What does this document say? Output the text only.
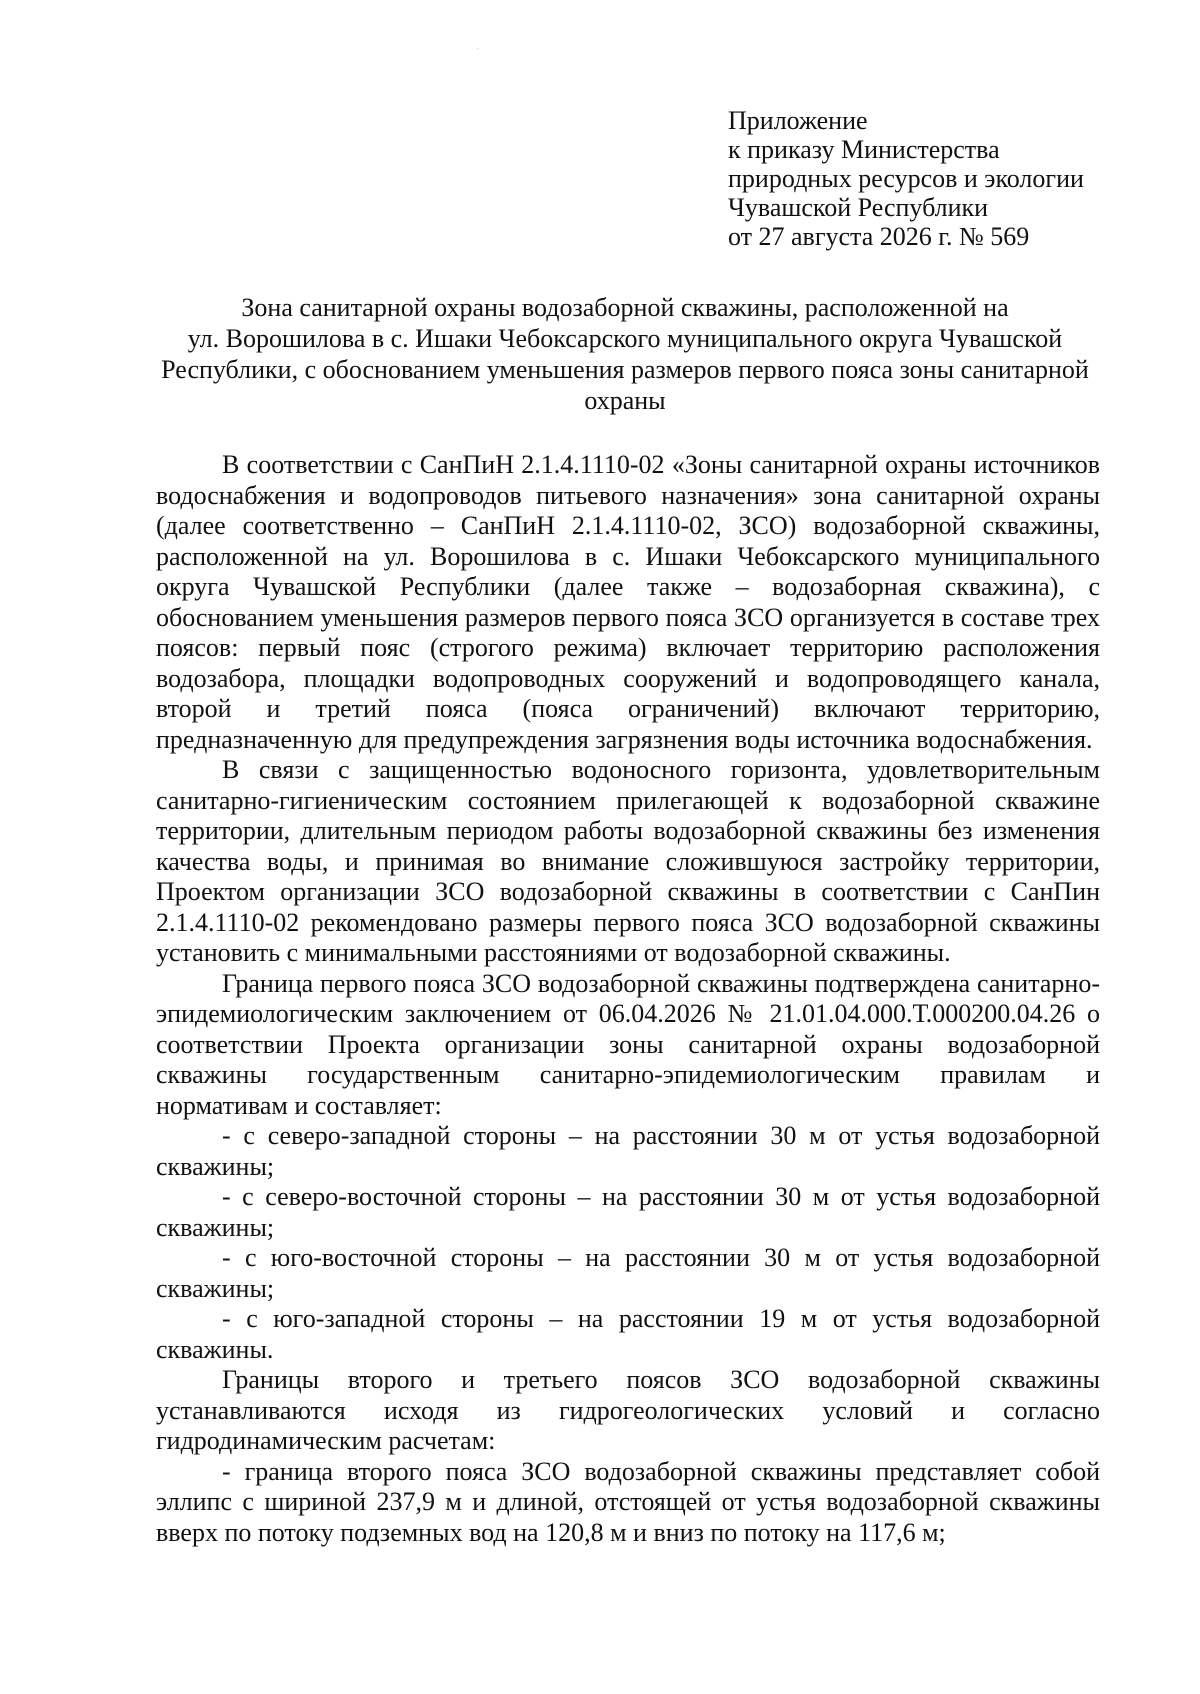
·
Приложение
к приказу Министерства
природных ресурсов и экологии
Чувашской Республики
от 27 августа 2026 г. № 569
Зона санитарной охраны водозаборной скважины, расположенной на
ул. Ворошилова в с. Ишаки Чебоксарского муниципального округа Чувашской
Республики, с обоснованием уменьшения размеров первого пояса зоны санитарной
охраны

В соответствии с СанПиН 2.1.4.1110-02 «Зоны санитарной охраны источников водоснабжения и водопроводов питьевого назначения» зона санитарной охраны (далее соответственно – СанПиН 2.1.4.1110-02, ЗСО) водозаборной скважины, расположенной на ул. Ворошилова в с. Ишаки Чебоксарского муниципального округа Чувашской Республики (далее также – водозаборная скважина), с обоснованием уменьшения размеров первого пояса ЗСО организуется в составе трех поясов: первый пояс (строгого режима) включает территорию расположения водозабора, площадки водопроводных сооружений и водопроводящего канала, второй и третий пояса (пояса ограничений) включают территорию, предназначенную для предупреждения загрязнения воды источника водоснабжения.

В связи с защищенностью водоносного горизонта, удовлетворительным санитарно-гигиеническим состоянием прилегающей к водозаборной скважине территории, длительным периодом работы водозаборной скважины без изменения качества воды, и принимая во внимание сложившуюся застройку территории, Проектом организации ЗСО водозаборной скважины в соответствии с СанПин 2.1.4.1110-02 рекомендовано размеры первого пояса ЗСО водозаборной скважины установить с минимальными расстояниями от водозаборной скважины.

Граница первого пояса ЗСО водозаборной скважины подтверждена санитарно-эпидемиологическим заключением от 06.04.2026 № 21.01.04.000.Т.000200.04.26 о соответствии Проекта организации зоны санитарной охраны водозаборной скважины государственным санитарно-эпидемиологическим правилам и нормативам и составляет:

- с северо-западной стороны – на расстоянии 30 м от устья водозаборной скважины;

- с северо-восточной стороны – на расстоянии 30 м от устья водозаборной скважины;

- с юго-восточной стороны – на расстоянии 30 м от устья водозаборной скважины;

- с юго-западной стороны – на расстоянии 19 м от устья водозаборной скважины.

Границы второго и третьего поясов ЗСО водозаборной скважины устанавливаются исходя из гидрогеологических условий и согласно гидродинамическим расчетам:

- граница второго пояса ЗСО водозаборной скважины представляет собой эллипс с шириной 237,9 м и длиной, отстоящей от устья водозаборной скважины вверх по потоку подземных вод на 120,8 м и вниз по потоку на 117,6 м;
